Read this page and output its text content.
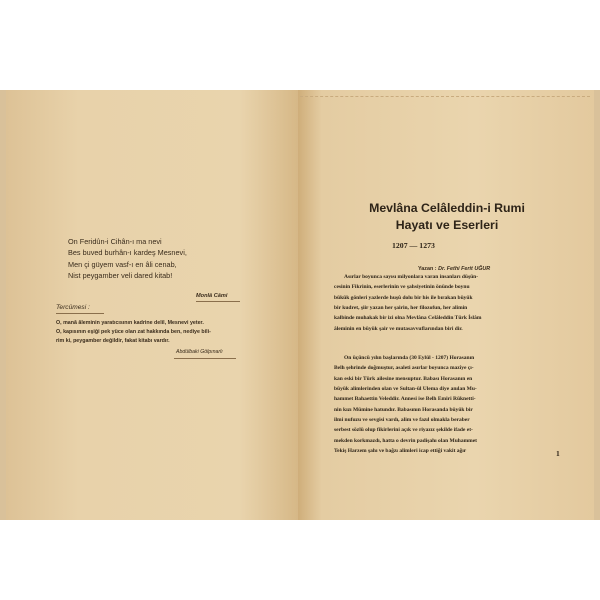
On Feridûn-i Cihân-ı ma nevi
Bes buved burhân-ı kardeş Mesnevi,
Men çi güyem vasf-ı en âli cenab,
Nist peygamber veli dared kitab!
Monlâ Câmi
Tercümesi :
O, manâ âleminin yaratıcısının kadrine delil, Mesnevi yeter.
O, kapısının eşiği pek yüce olan zat hakkında ben, nediye bili-
rim ki, peygamber değildir, fakat kitabı vardır.
Abdülbaki Gölpınarlı
Mevlâna Celâleddin-i Rumi
Hayatı ve Eserleri
1207 — 1273
Yazan : Dr. Fethi Ferit UĞUR
Asırlar boyunca sayısı milyonlara varan insanları düşün-
cesinin Fikrinin, eserlerinin ve şahsiyetinin önünde boynu
bükük gönleri yazlerde huşû dolu bir his ile bırakan büyük
bir kudret, şiir yazan her şairin, her filozofun, her alimin
kalbinde muhakak bir izi olna Mevlâna Celâleddin Türk İslâm
âleminin en büyük şair ve mutasavvuflarından biri dir.
On üçüncü yılın başlarında (30 Eylül - 1207) Horasanın
Belh şehrinde doğmuştur, asaleti asırlar boyunca mazîye çı-
kan eski bir Türk ailesine mensuptur. Babası Horasanın en
büyük alimlerinden olan ve Sultan-ül Ulema diye anılan Mu-
hammet Bahaettin Veleddir. Annesi ise Belh Emiri Rüknetti-
nin kızı Mümine hatundır. Babasının Horasanda büyük bir
ilmi nufuzu ve sevgisi vardı, alim ve fazıl olmakla beraber
serbest sözlü olup fikirlerini açık ve riyazız şekilde ifade et-
mekden korkmazdı, hatta o devrin padişahı olan Muhammet
Tekiş Harzem şahı ve bağzı alimleri icap ettiği vakit ağır	1
